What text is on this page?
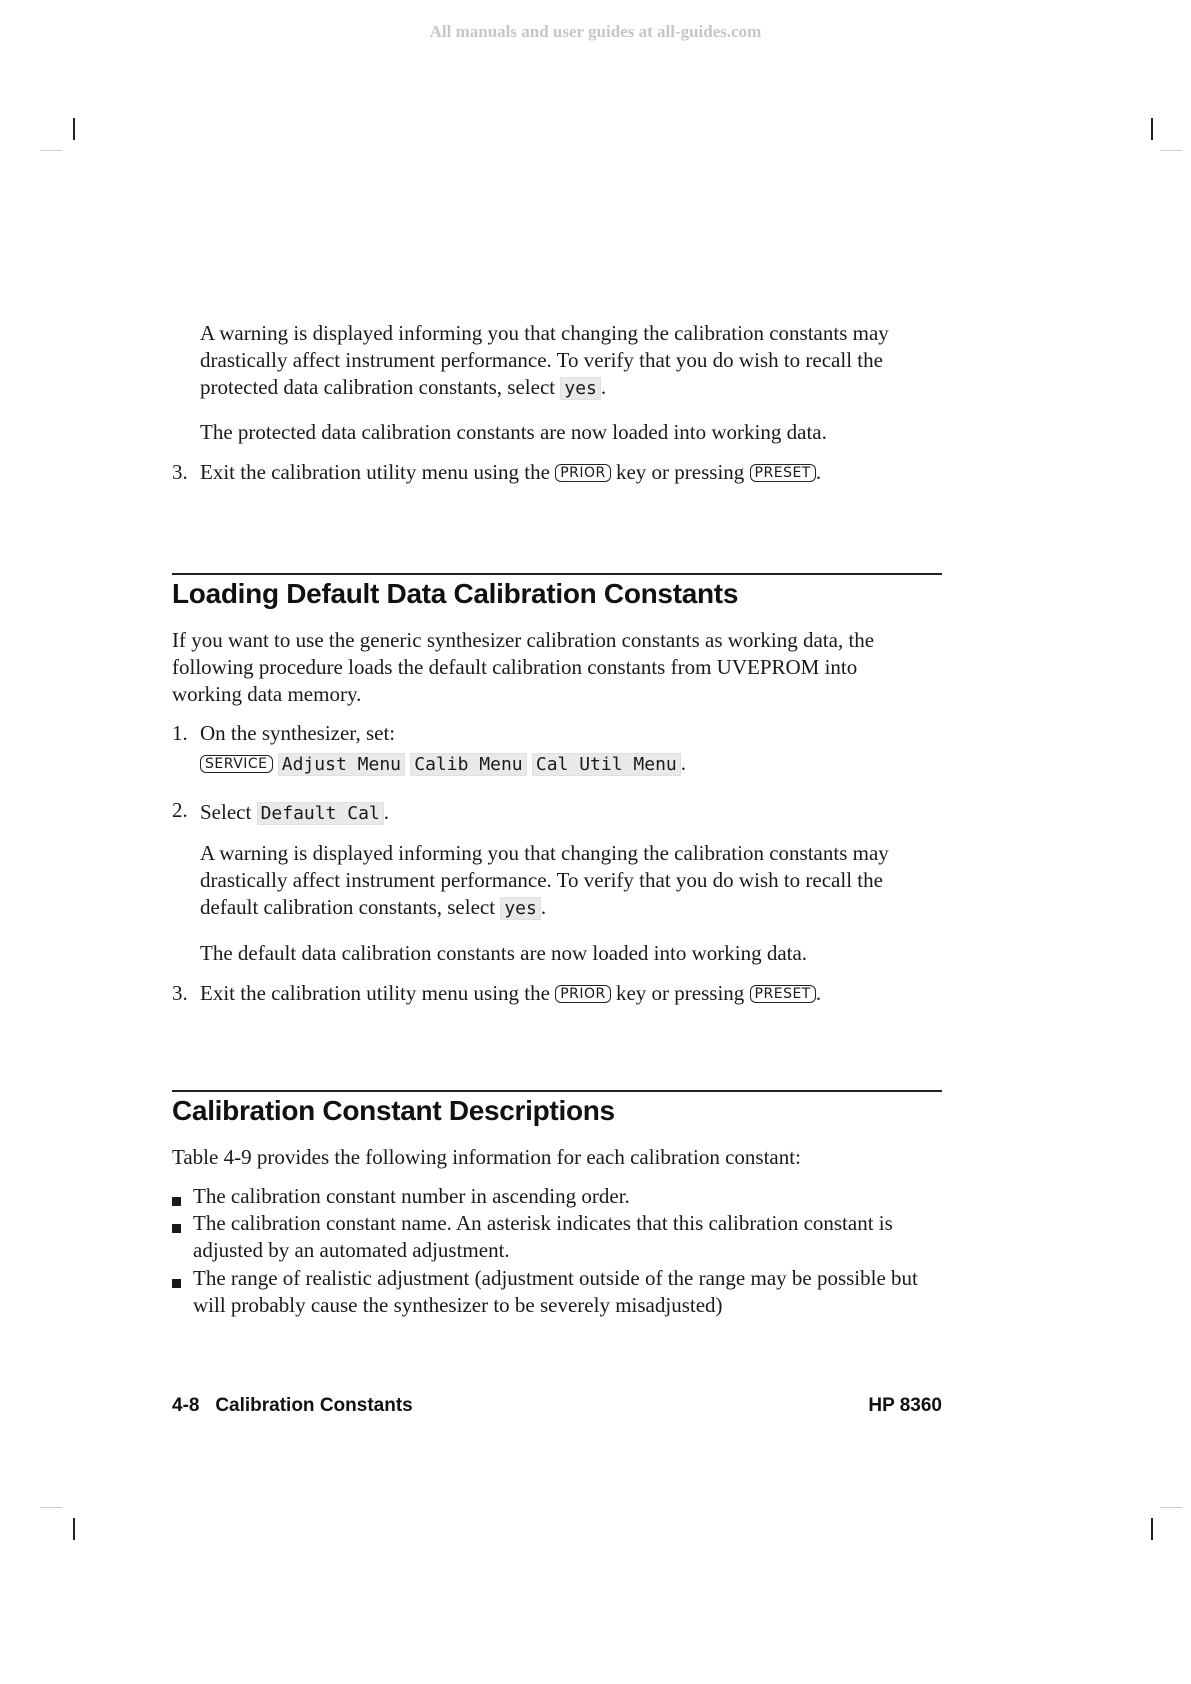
All manuals and user guides at all-guides.com

A warning is displayed informing you that changing the calibration constants may drastically affect instrument performance. To verify that you do wish to recall the protected data calibration constants, select yes .

The protected data calibration constants are now loaded into working data.

3. Exit the calibration utility menu using the PRIOR key or pressing PRESET .

Loading Default Data Calibration Constants

If you want to use the generic synthesizer calibration constants as working data, the following procedure loads the default calibration constants from UVEPROM into working data memory.

1. On the synthesizer, set:

SERVICE Adjust Menu Calib Menu Cal Util Menu .

2. Select Default Cal .

A warning is displayed informing you that changing the calibration constants may drastically affect instrument performance. To verify that you do wish to recall the default calibration constants, select yes .

The default data calibration constants are now loaded into working data.

3. Exit the calibration utility menu using the PRIOR key or pressing PRESET .

Calibration Constant Descriptions

Table 4-9 provides the following information for each calibration constant:

The calibration constant number in ascending order.

The calibration constant name. An asterisk indicates that this calibration constant is adjusted by an automated adjustment.

The range of realistic adjustment (adjustment outside of the range may be possible but will probably cause the synthesizer to be severely misadjusted)

4-8 Calibration Constants	HP 8360
